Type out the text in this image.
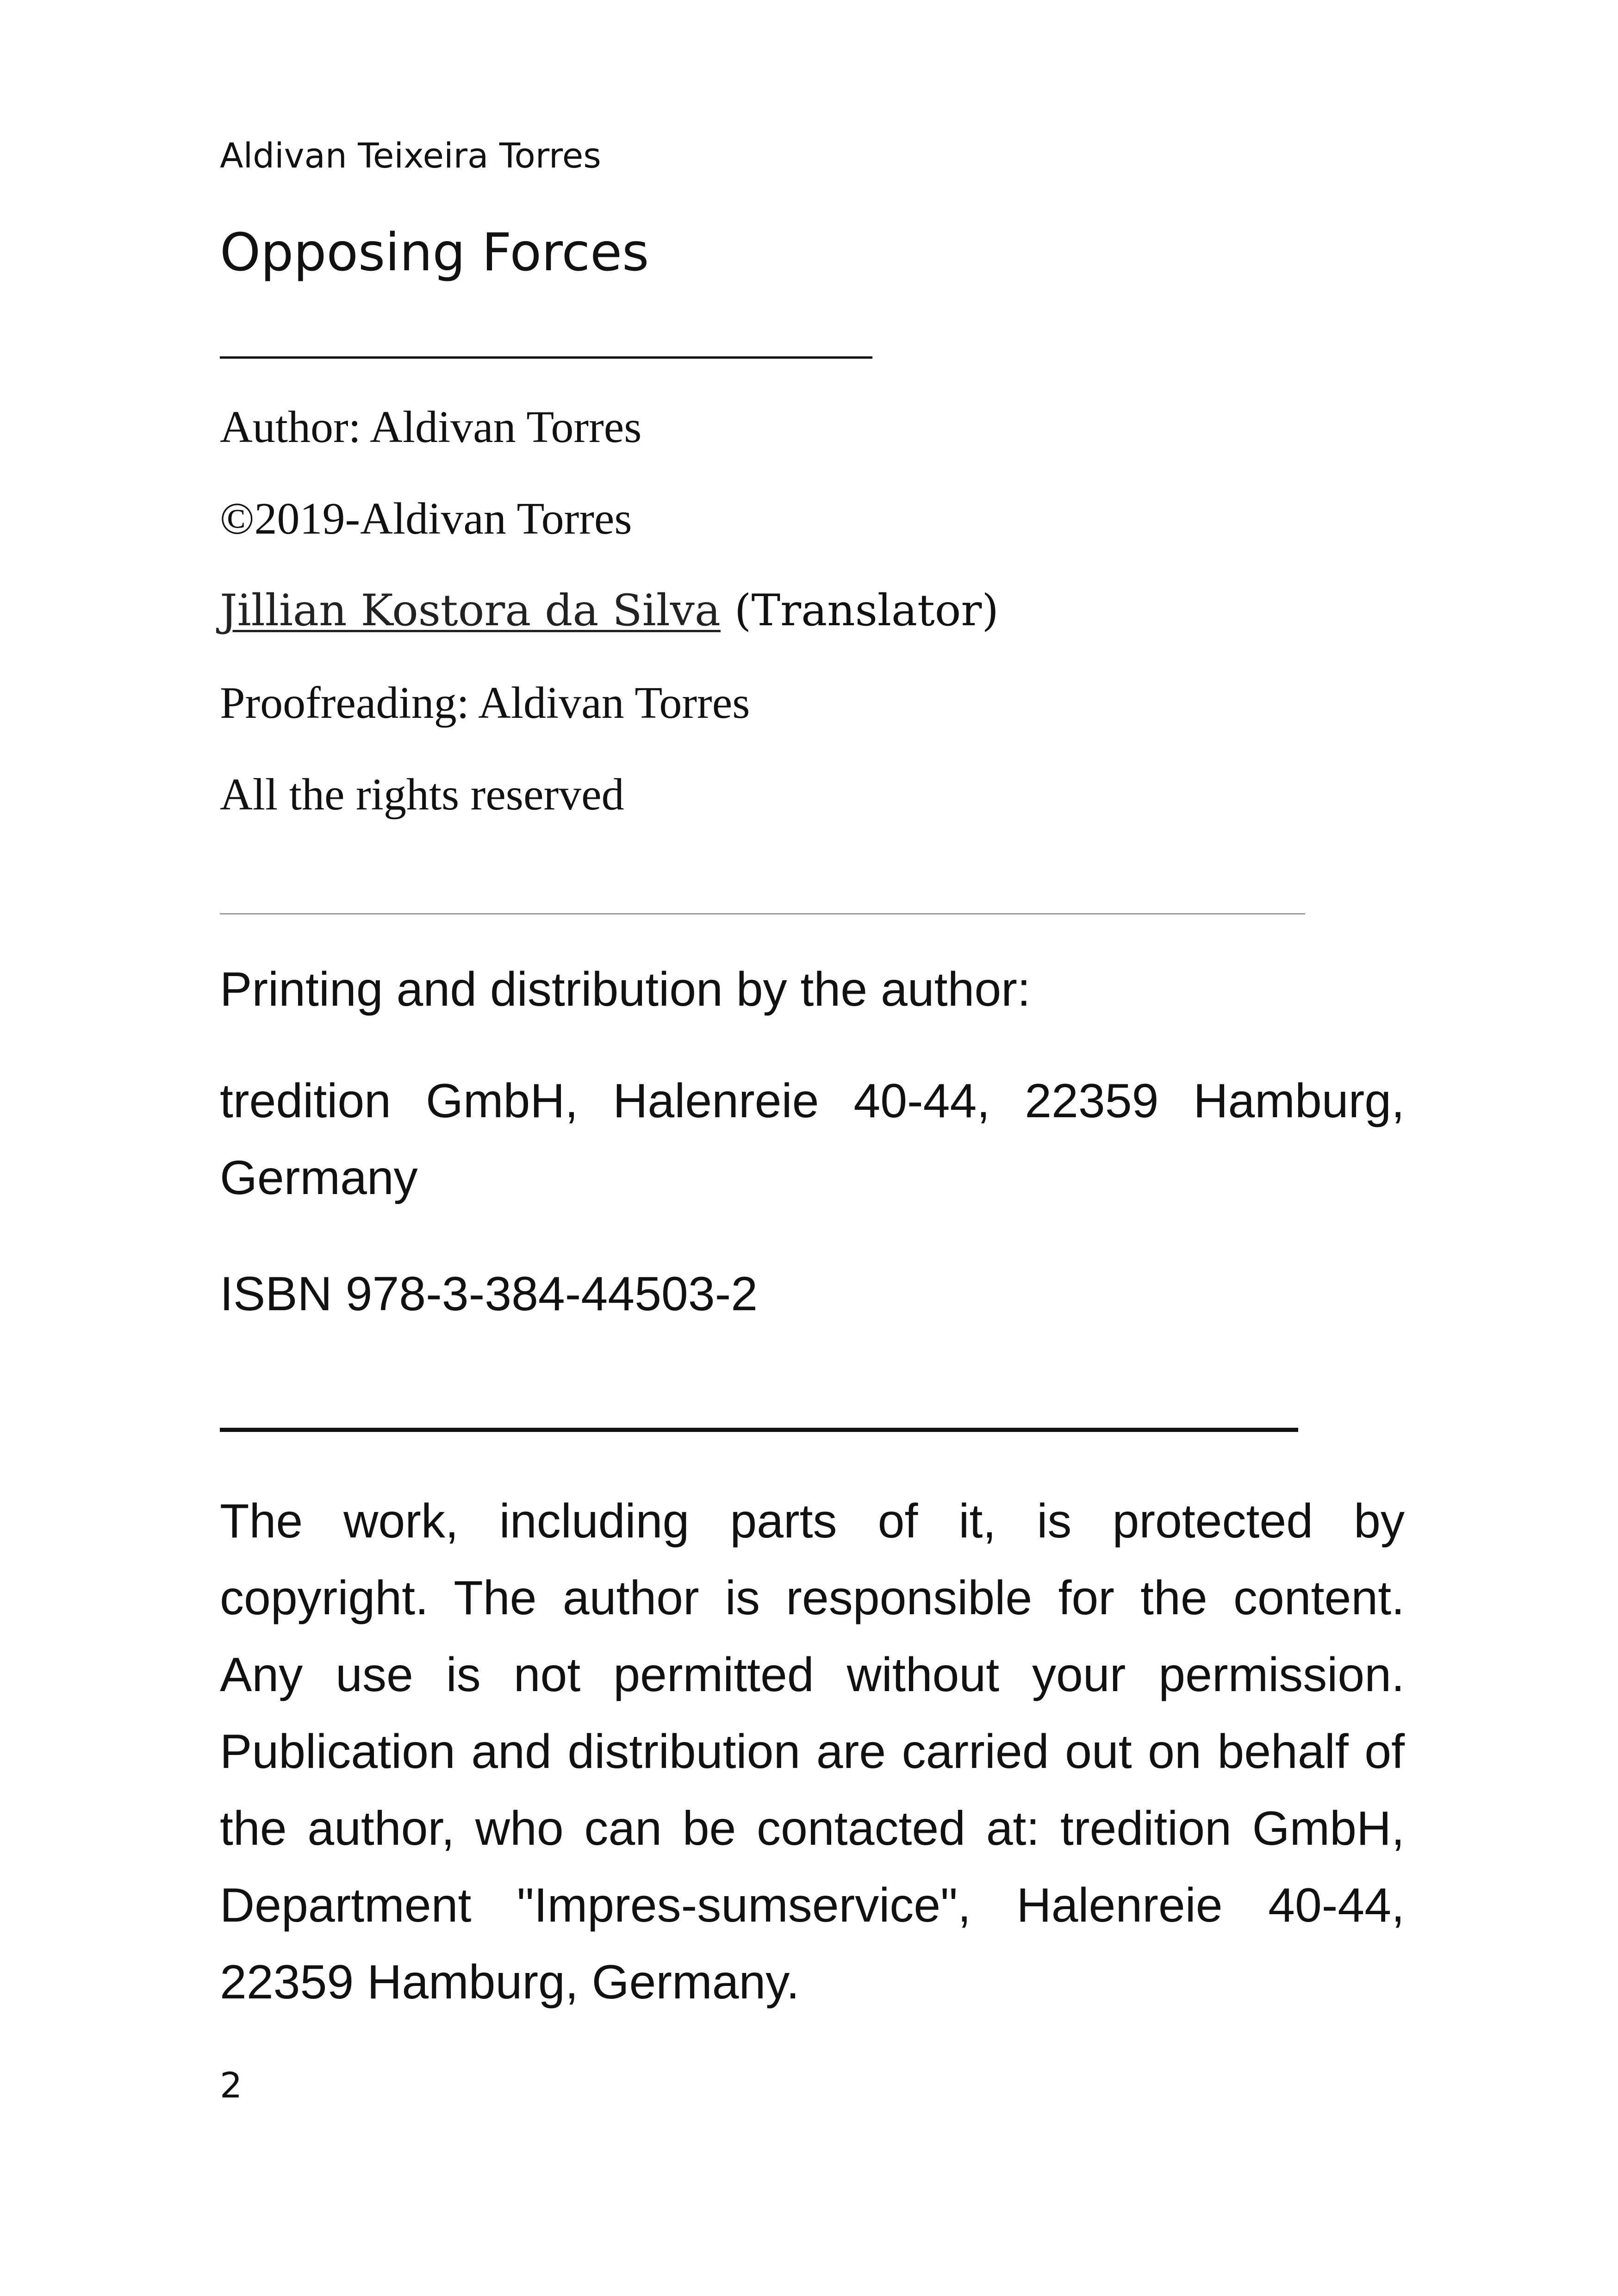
Aldivan Teixeira Torres

Opposing Forces

Author: Aldivan Torres

©2019-Aldivan Torres

Jillian Kostora da Silva (Translator)

Proofreading: Aldivan Torres

All the rights reserved

Printing and distribution by the author:

tredition GmbH, Halenreie 40-44, 22359 Hamburg, Germany

ISBN 978-3-384-44503-2

The work, including parts of it, is protected by copyright. The author is responsible for the content. Any use is not permitted without your permission. Publication and distribution are carried out on behalf of the author, who can be contacted at: tredition GmbH, Department "Impres-sumservice", Halenreie 40-44, 22359 Hamburg, Germany.

2
